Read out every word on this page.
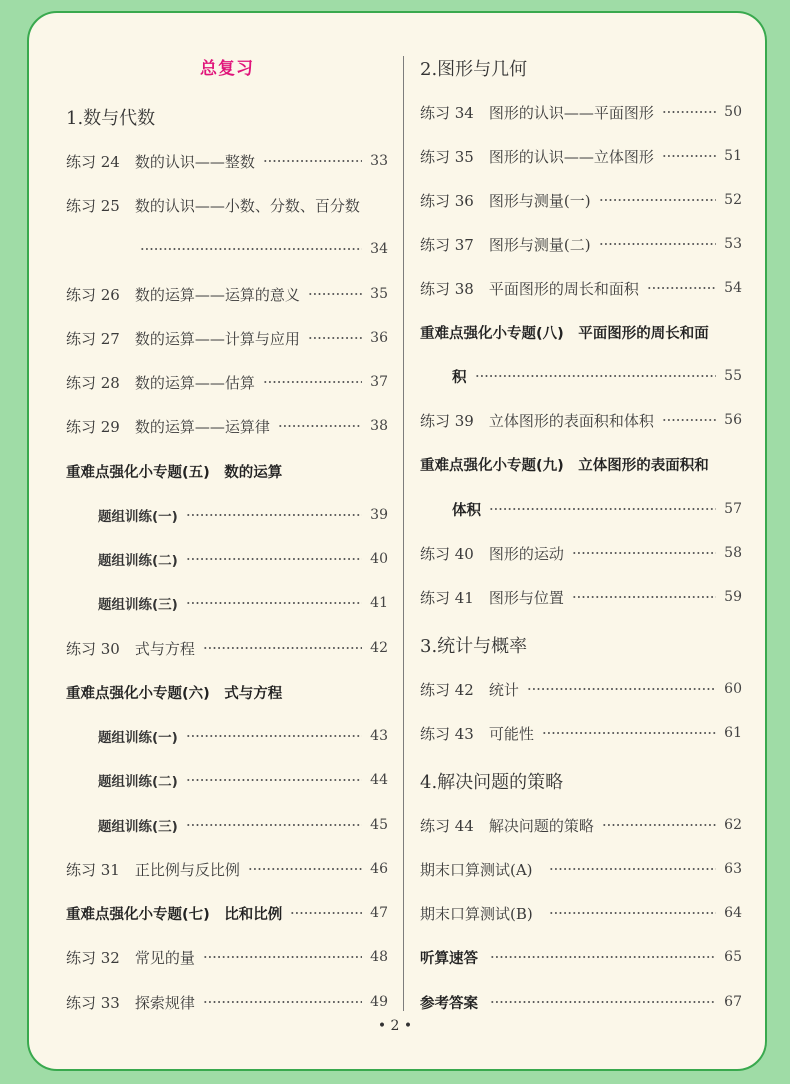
总复习
1.数与代数
练习 24　数的认识——整数	33
练习 25　数的认识——小数、分数、百分数
34
练习 26　数的运算——运算的意义	35
练习 27　数的运算——计算与应用	36
练习 28　数的运算——估算	37
练习 29　数的运算——运算律	38
重难点强化小专题(五)　数的运算
题组训练(一)	39
题组训练(二)	40
题组训练(三)	41
练习 30　式与方程	42
重难点强化小专题(六)　式与方程
题组训练(一)	43
题组训练(二)	44
题组训练(三)	45
练习 31　正比例与反比例	46
重难点强化小专题(七)　比和比例	47
练习 32　常见的量	48
练习 33　探索规律	49
2.图形与几何
练习 34　图形的认识——平面图形	50
练习 35　图形的认识——立体图形	51
练习 36　图形与测量(一)	52
练习 37　图形与测量(二)	53
练习 38　平面图形的周长和面积	54
重难点强化小专题(八)　平面图形的周长和面
积	55
练习 39　立体图形的表面积和体积	56
重难点强化小专题(九)　立体图形的表面积和
体积	57
练习 40　图形的运动	58
练习 41　图形与位置	59
3.统计与概率
练习 42　统计	60
练习 43　可能性	61
4.解决问题的策略
练习 44　解决问题的策略	62
期末口算测试(A)	63
期末口算测试(B)	64
听算速答	65
参考答案	67
• 2 •
